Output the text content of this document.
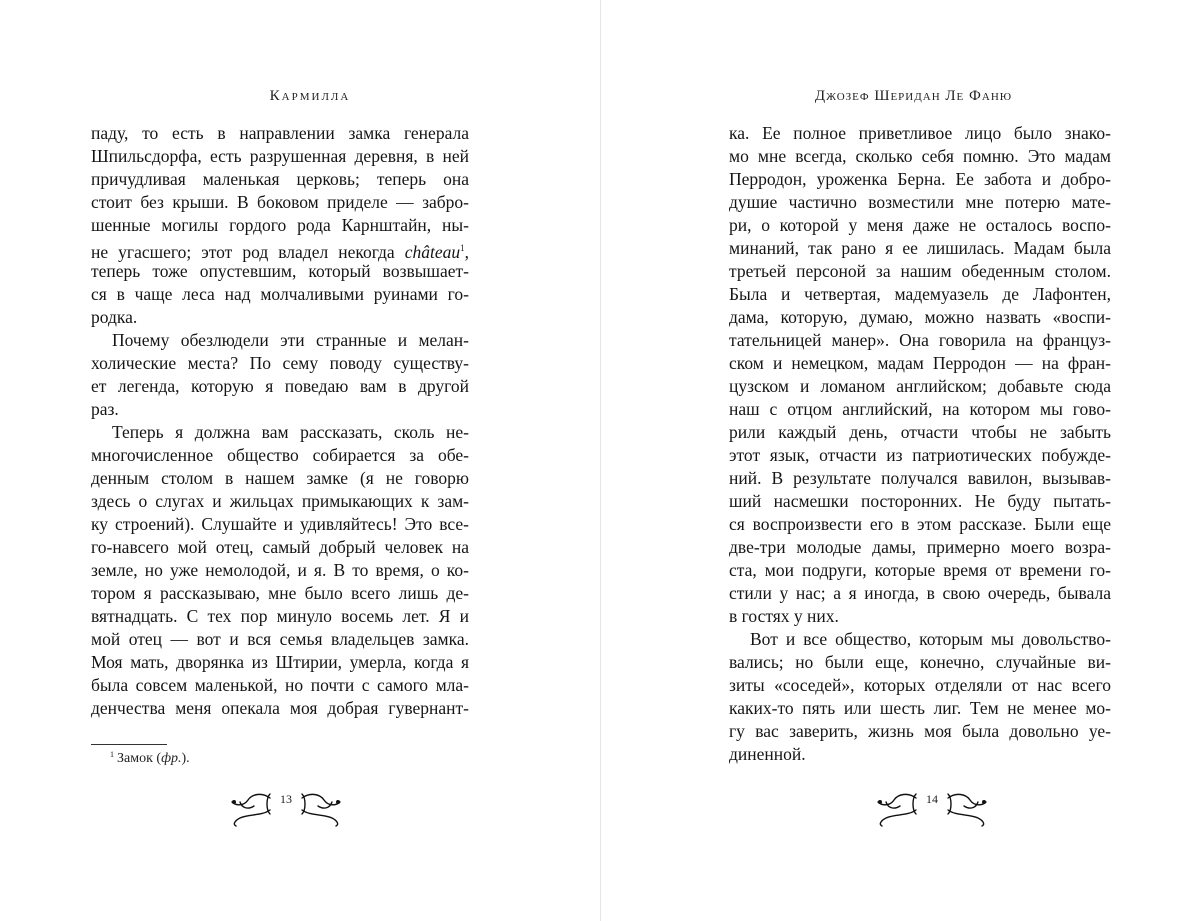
Кармилла
паду, то есть в направлении замка генерала
Шпильсдорфа, есть разрушенная деревня, в ней
причудливая маленькая церковь; теперь она
стоит без крыши. В боковом приделе — забро-
шенные могилы гордого рода Карнштайн, ны-
не угасшего; этот род владел некогда château$^1$,
теперь тоже опустевшим, который возвышает-
ся в чаще леса над молчаливыми руинами го-
родка.
Почему обезлюдели эти странные и мелан-
холические места? По сему поводу существу-
ет легенда, которую я поведаю вам в другой
раз.
Теперь я должна вам рассказать, сколь не-
многочисленное общество собирается за обе-
денным столом в нашем замке (я не говорю
здесь о слугах и жильцах примыкающих к зам-
ку строений). Слушайте и удивляйтесь! Это все-
го-навсего мой отец, самый добрый человек на
земле, но уже немолодой, и я. В то время, о ко-
тором я рассказываю, мне было всего лишь де-
вятнадцать. С тех пор минуло восемь лет. Я и
мой отец — вот и вся семья владельцев замка.
Моя мать, дворянка из Штирии, умерла, когда я
была совсем маленькой, но почти с самого мла-
денчества меня опекала моя добрая гувернант-
$^1$ Замок (фр.).
13
Джозеф Шеридан Ле Фаню
ка. Ее полное приветливое лицо было знако-
мо мне всегда, сколько себя помню. Это мадам
Перродон, уроженка Берна. Ее забота и добро-
душие частично возместили мне потерю мате-
ри, о которой у меня даже не осталось воспо-
минаний, так рано я ее лишилась. Мадам была
третьей персоной за нашим обеденным столом.
Была и четвертая, мадемуазель де Лафонтен,
дама, которую, думаю, можно назвать «воспи-
тательницей манер». Она говорила на француз-
ском и немецком, мадам Перродон — на фран-
цузском и ломаном английском; добавьте сюда
наш с отцом английский, на котором мы гово-
рили каждый день, отчасти чтобы не забыть
этот язык, отчасти из патриотических побужде-
ний. В результате получался вавилон, вызывав-
ший насмешки посторонних. Не буду пытать-
ся воспроизвести его в этом рассказе. Были еще
две-три молодые дамы, примерно моего возра-
ста, мои подруги, которые время от времени го-
стили у нас; а я иногда, в свою очередь, бывала
в гостях у них.
Вот и все общество, которым мы довольство-
вались; но были еще, конечно, случайные ви-
зиты «соседей», которых отделяли от нас всего
каких-то пять или шесть лиг. Тем не менее мо-
гу вас заверить, жизнь моя была довольно уе-
диненной.
14
